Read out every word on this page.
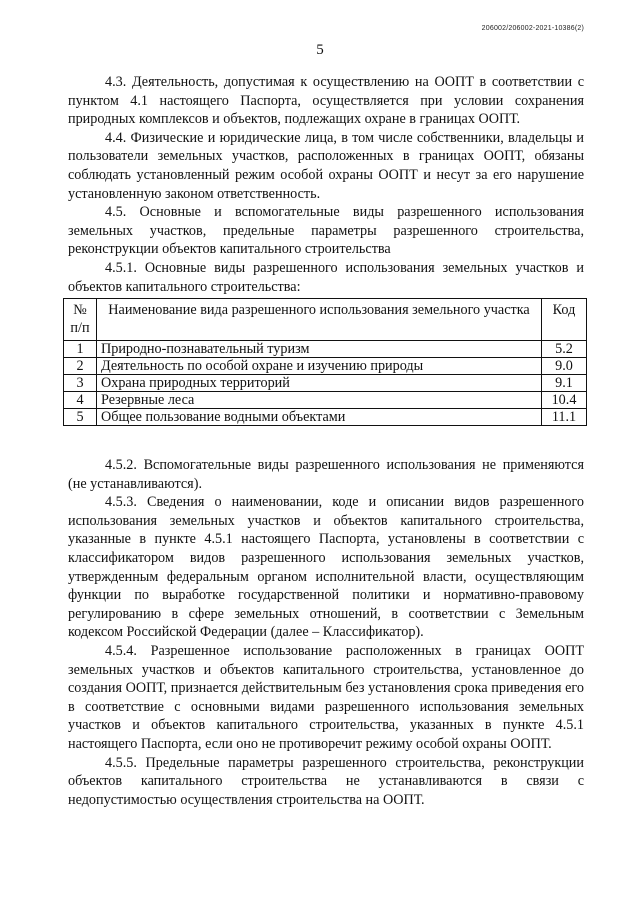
206002/206002-2021-10386(2)
5

4.3. Деятельность, допустимая к осуществлению на ООПТ в соответствии с пунктом 4.1 настоящего Паспорта, осуществляется при условии сохранения природных комплексов и объектов, подлежащих охране в границах ООПТ.

4.4. Физические и юридические лица, в том числе собственники, владельцы и пользователи земельных участков, расположенных в границах ООПТ, обязаны соблюдать установленный режим особой охраны ООПТ и несут за его нарушение установленную законом ответственность.

4.5. Основные и вспомогательные виды разрешенного использования земельных участков, предельные параметры разрешенного строительства, реконструкции объектов капитального строительства

4.5.1. Основные виды разрешенного использования земельных участков и объектов капитального строительства:

№ п/п	Наименование вида разрешенного использования земельного участка	Код
1	Природно-познавательный туризм	5.2
2	Деятельность по особой охране и изучению природы	9.0
3	Охрана природных территорий	9.1
4	Резервные леса	10.4
5	Общее пользование водными объектами	11.1

4.5.2. Вспомогательные виды разрешенного использования не применяются (не устанавливаются).

4.5.3. Сведения о наименовании, коде и описании видов разрешенного использования земельных участков и объектов капитального строительства, указанные в пункте 4.5.1 настоящего Паспорта, установлены в соответствии с классификатором видов разрешенного использования земельных участков, утвержденным федеральным органом исполнительной власти, осуществляющим функции по выработке государственной политики и нормативно-правовому регулированию в сфере земельных отношений, в соответствии с Земельным кодексом Российской Федерации (далее – Классификатор).

4.5.4. Разрешенное использование расположенных в границах ООПТ земельных участков и объектов капитального строительства, установленное до создания ООПТ, признается действительным без установления срока приведения его в соответствие с основными видами разрешенного использования земельных участков и объектов капитального строительства, указанных в пункте 4.5.1 настоящего Паспорта, если оно не противоречит режиму особой охраны ООПТ.

4.5.5. Предельные параметры разрешенного строительства, реконструкции объектов капитального строительства не устанавливаются в связи с недопустимостью осуществления строительства на ООПТ.
